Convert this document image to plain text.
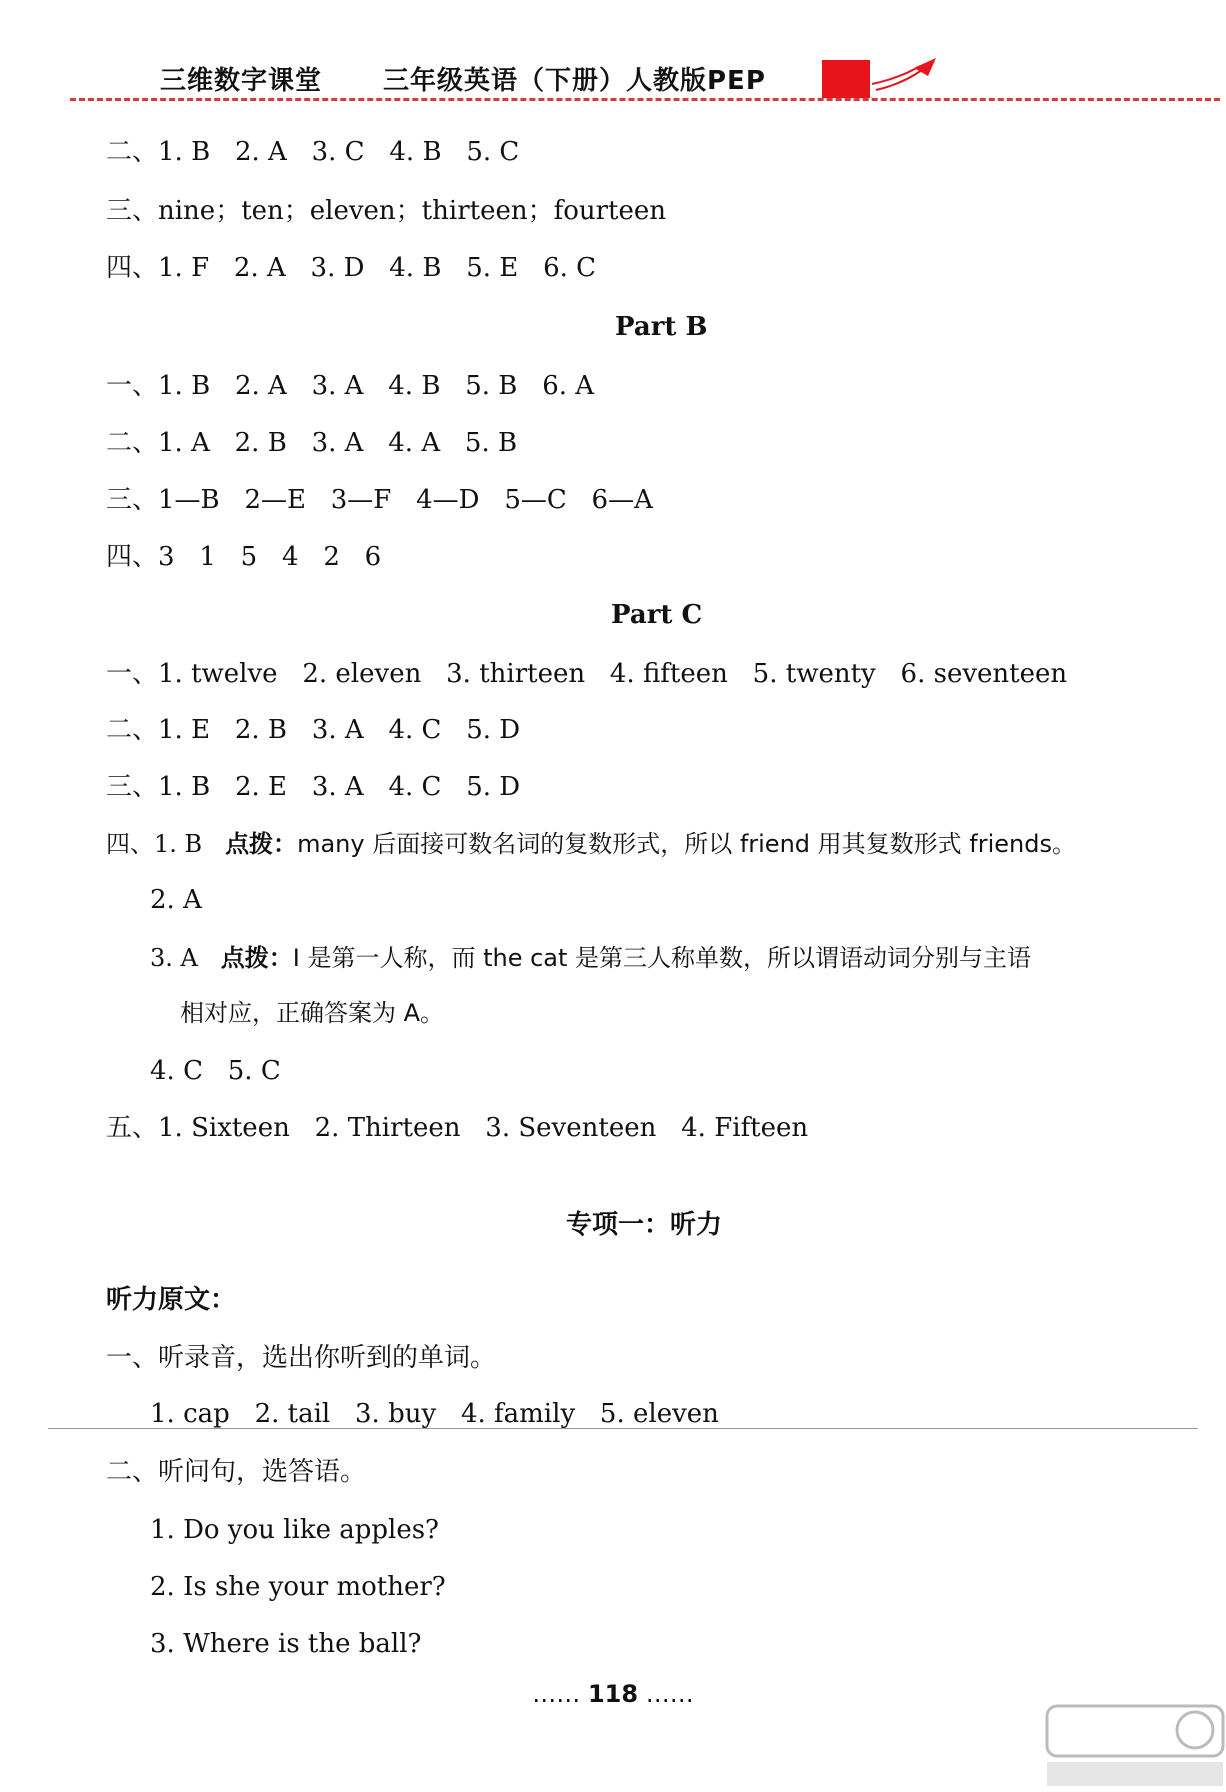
三维数字课堂 三年级英语（下册）人教版PEP
二、1. B   2. A   3. C   4. B   5. C
三、nine；ten；eleven；thirteen；fourteen
四、1. F   2. A   3. D   4. B   5. E   6. C
Part B
一、1. B   2. A   3. A   4. B   5. B   6. A
二、1. A   2. B   3. A   4. A   5. B
三、1—B   2—E   3—F   4—D   5—C   6—A
四、3   1   5   4   2   6
Part C
一、1. twelve   2. eleven   3. thirteen   4. fifteen   5. twenty   6. seventeen
二、1. E   2. B   3. A   4. C   5. D
三、1. B   2. E   3. A   4. C   5. D
四、1. B   点拨：many 后面接可数名词的复数形式，所以 friend 用其复数形式 friends。
2. A
3. A   点拨：I 是第一人称，而 the cat 是第三人称单数，所以谓语动词分别与主语
相对应，正确答案为 A。
4. C   5. C
五、1. Sixteen   2. Thirteen   3. Seventeen   4. Fifteen
专项一：听力
听力原文：
一、听录音，选出你听到的单词。
1. cap   2. tail   3. buy   4. family   5. eleven
二、听问句，选答语。
1. Do you like apples?
2. Is she your mother?
3. Where is the ball?
…… 118 ……
